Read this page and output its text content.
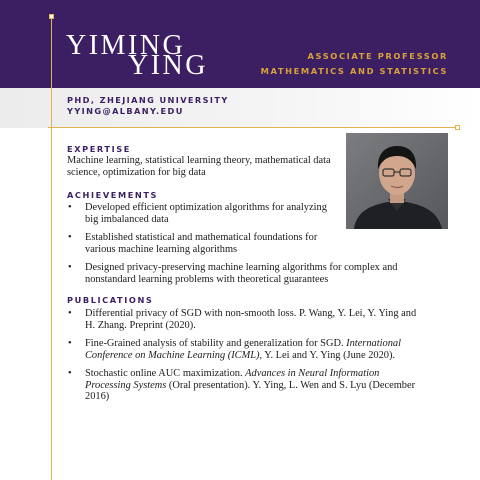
YIMING
YING	ASSOCIATE PROFESSOR
MATHEMATICS AND STATISTICS
PHD, ZHEJIANG UNIVERSITY
YYING@ALBANY.EDU
EXPERTISE
Machine learning, statistical learning theory, mathematical data science, optimization for big data
ACHIEVEMENTS
• Developed efficient optimization algorithms for analyzing big imbalanced data
• Established statistical and mathematical foundations for various machine learning algorithms
• Designed privacy-preserving machine learning algorithms for complex and nonstandard learning problems with theoretical guarantees
PUBLICATIONS
• Differential privacy of SGD with non-smooth loss. P. Wang, Y. Lei, Y. Ying and H. Zhang. Preprint (2020).
• Fine-Grained analysis of stability and generalization for SGD. International Conference on Machine Learning (ICML), Y. Lei and Y. Ying (June 2020).
• Stochastic online AUC maximization. Advances in Neural Information Processing Systems (Oral presentation). Y. Ying, L. Wen and S. Lyu (December 2016)
